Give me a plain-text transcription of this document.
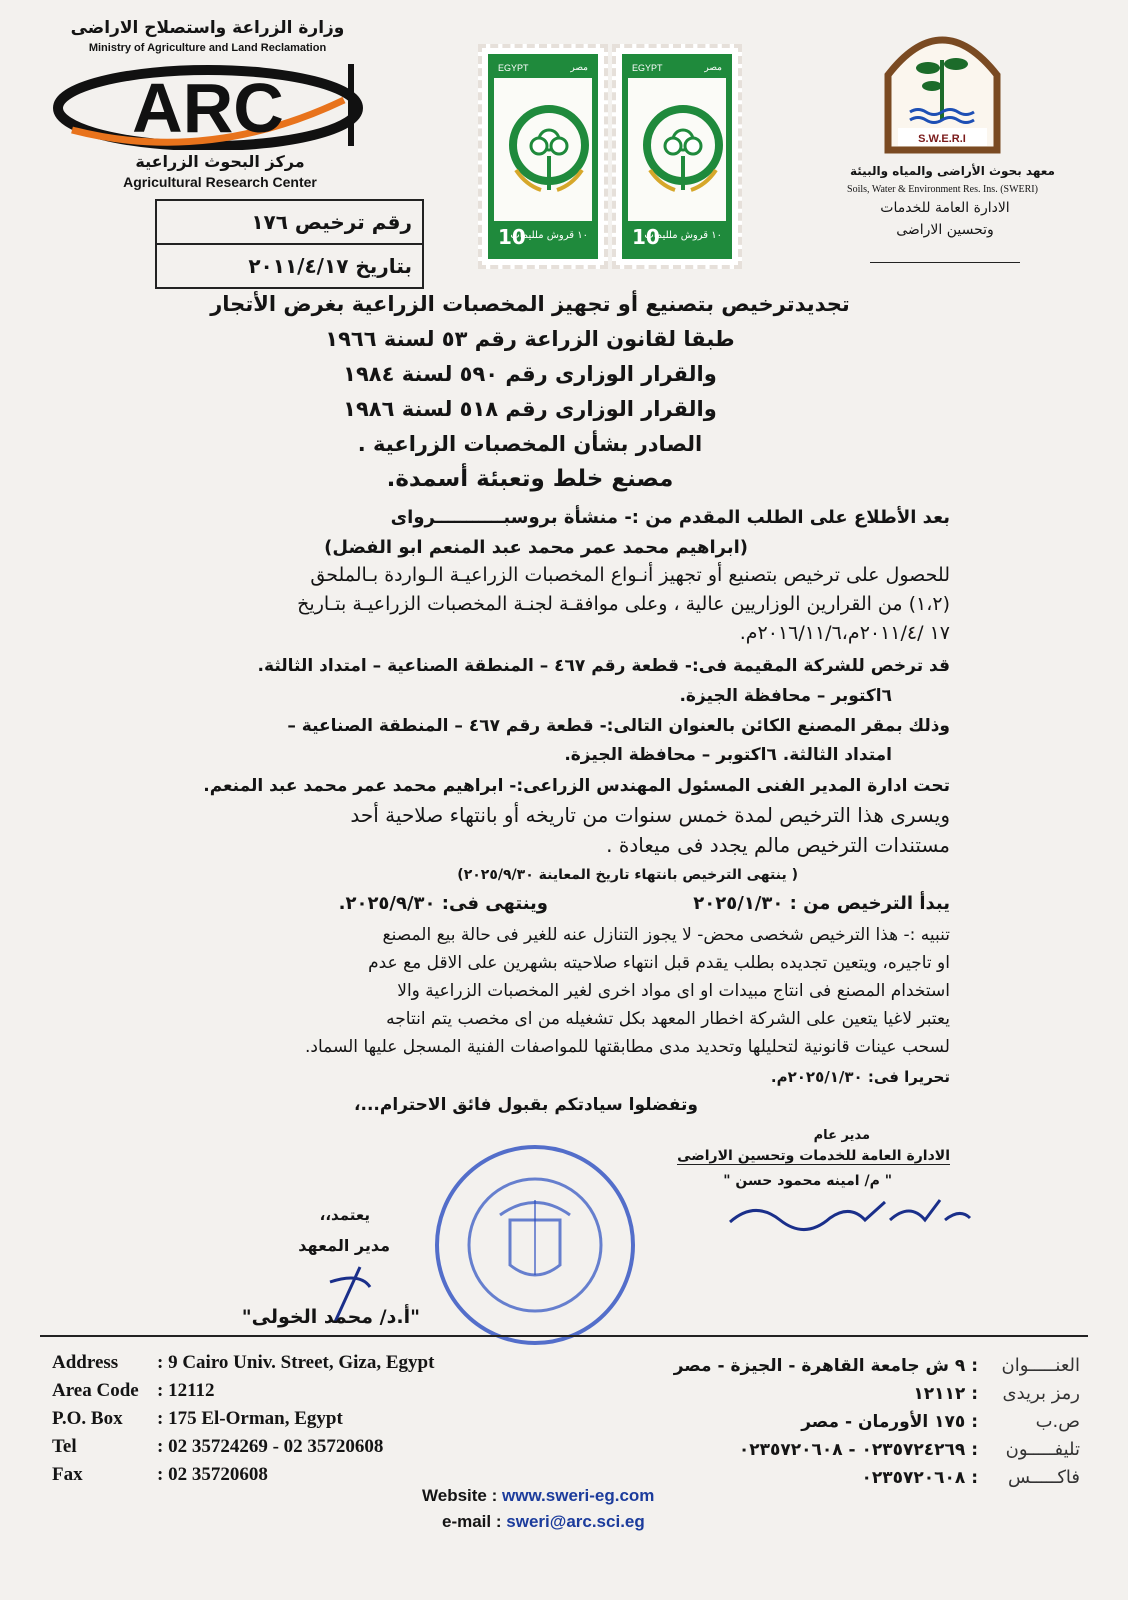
وزارة الزراعة واستصلاح الاراضى
Ministry of Agriculture and Land Reclamation
ARC
مركز البحوث الزراعية
Agricultural Research Center
رقم ترخيص ١٧٦
بتاريخ ٢٠١١/٤/١٧
EGYPT	مصر
10
١٠ قروش ملليمات
EGYPT	مصر
10
١٠ قروش ملليمات
S.W.E.R.I
معهد بحوث الأراضى والمياه والبيئة
Soils, Water & Environment Res. Ins. (SWERI)
الادارة العامة للخدمات
وتحسين الاراضى
تجديدترخيص بتصنيع أو تجهيز المخصبات الزراعية بغرض الأتجار
طبقا لقانون الزراعة رقم ٥٣ لسنة ١٩٦٦
والقرار الوزارى رقم ٥٩٠ لسنة ١٩٨٤
والقرار الوزارى رقم ٥١٨ لسنة ١٩٨٦
الصادر بشأن المخصبات الزراعية .
مصنع خلط وتعبئة أسمدة.
بعد الأطلاع على الطلب المقدم من :- منشأة بروسبـــــــــــرواى
(ابراهيم محمد عمر محمد عبد المنعم ابو الفضل)
للحصول على ترخيص بتصنيع أو تجهيز أنـواع المخصبات الزراعيـة الـواردة بـالملحق
(١،٢) من القرارين الوزاريين عالية ، وعلى موافقـة لجنـة المخصبات الزراعيـة بتـاريخ
١٧ /٢٠١١/٤م،٢٠١٦/١١/٦م.
قد ترخص للشركة المقيمة فى:- قطعة رقم ٤٦٧ – المنطقة الصناعية – امتداد الثالثة.
٦اكتوبر – محافظة الجيزة.
وذلك بمقر المصنع الكائن بالعنوان التالى:- قطعة رقم ٤٦٧ – المنطقة الصناعية –
امتداد الثالثة. ٦اكتوبر – محافظة الجيزة.
تحت ادارة المدير الفنى المسئول المهندس الزراعى:- ابراهيم محمد عمر محمد عبد المنعم.
ويسرى هذا الترخيص لمدة خمس سنوات من تاريخه أو بانتهاء صلاحية أحد
مستندات الترخيص مالم يجدد فى ميعادة .
( ينتهى الترخيص بانتهاء تاريخ المعاينة ٢٠٢٥/٩/٣٠)
يبدأ الترخيص من : ٢٠٢٥/١/٣٠
وينتهى فى: ٢٠٢٥/٩/٣٠.
تنبيه :- هذا الترخيص شخصى محض- لا يجوز التنازل عنه للغير فى حالة بيع المصنع
او تاجيره، ويتعين تجديده بطلب يقدم قبل انتهاء صلاحيته بشهرين على الاقل مع عدم
استخدام المصنع فى انتاج مبيدات او اى مواد اخرى لغير المخصبات الزراعية والا
يعتبر لاغيا يتعين على الشركة اخطار المعهد بكل تشغيله من اى مخصب يتم انتاجه
لسحب عينات قانونية لتحليلها وتحديد مدى مطابقتها للمواصفات الفنية المسجل عليها السماد.
تحريرا فى: ٢٠٢٥/١/٣٠م.
وتفضلوا سيادتكم بقبول فائق الاحترام...،
مدير عام
الادارة العامة للخدمات وتحسين الاراضى
" م/ امينه محمود حسن "
يعتمد،،
مدير المعهد
"أ.د/ محمد الخولى"
Address : 9 Cairo Univ. Street, Giza, Egypt
Area Code : 12112
P.O. Box : 175 El-Orman, Egypt
Tel	: 02 35724269 - 02 35720608
Fax	: 02 35720608
العنـــــوان
: ٩ ش جامعة القاهرة - الجيزة - مصر
رمز بريدى
: ١٢١١٢
ص.ب
: ١٧٥ الأورمان - مصر
تليفـــــون
: ٠٢٣٥٧٢٤٢٦٩ - ٠٢٣٥٧٢٠٦٠٨
فاكـــــس
: ٠٢٣٥٧٢٠٦٠٨
Website : www.sweri-eg.com
e-mail : sweri@arc.sci.eg
